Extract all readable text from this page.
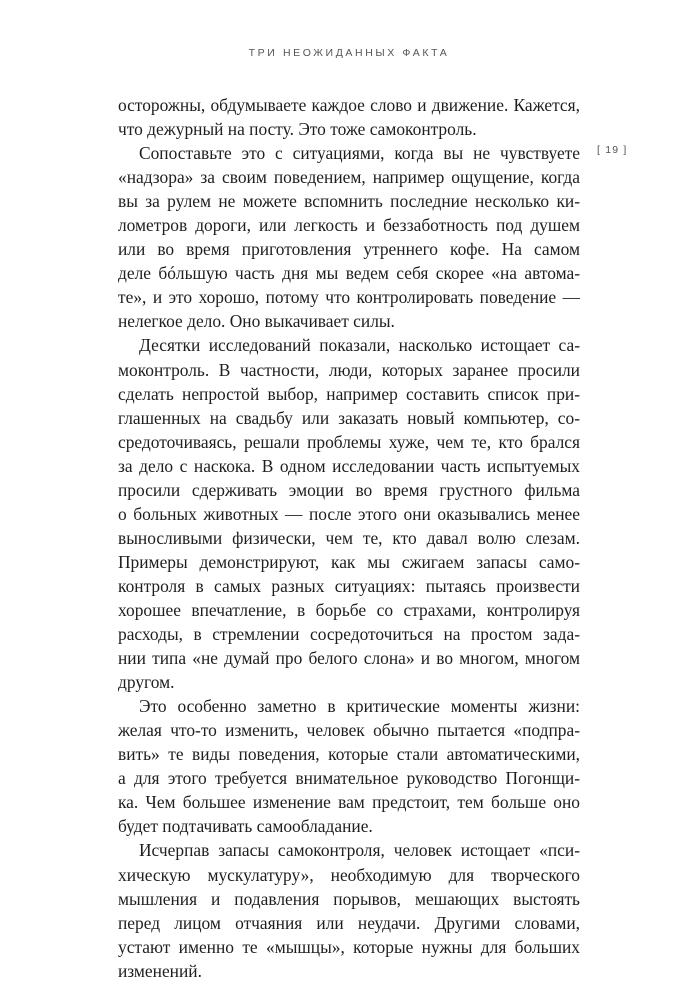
ТРИ НЕОЖИДАННЫХ ФАКТА
[ 19 ]
осторожны, обдумываете каждое слово и движение. Кажется,
что дежурный на посту. Это тоже самоконтроль.
Сопоставьте это с ситуациями, когда вы не чувствуете
«надзора» за своим поведением, например ощущение, когда
вы за рулем не можете вспомнить последние несколько ки-
лометров дороги, или легкость и беззаботность под душем
или во время приготовления утреннего кофе. На самом
деле бóльшую часть дня мы ведем себя скорее «на автома-
те», и это хорошо, потому что контролировать поведение —
нелегкое дело. Оно выкачивает силы.
Десятки исследований показали, насколько истощает са-
моконтроль. В частности, люди, которых заранее просили
сделать непростой выбор, например составить список при-
глашенных на свадьбу или заказать новый компьютер, со-
средоточиваясь, решали проблемы хуже, чем те, кто брался
за дело с наскока. В одном исследовании часть испытуемых
просили сдерживать эмоции во время грустного фильма
о больных животных — после этого они оказывались менее
выносливыми физически, чем те, кто давал волю слезам.
Примеры демонстрируют, как мы сжигаем запасы само-
контроля в самых разных ситуациях: пытаясь произвести
хорошее впечатление, в борьбе со страхами, контролируя
расходы, в стремлении сосредоточиться на простом зада-
нии типа «не думай про белого слона» и во многом, многом
другом.
Это особенно заметно в критические моменты жизни:
желая что-то изменить, человек обычно пытается «подпра-
вить» те виды поведения, которые стали автоматическими,
а для этого требуется внимательное руководство Погонщи-
ка. Чем большее изменение вам предстоит, тем больше оно
будет подтачивать самообладание.
Исчерпав запасы самоконтроля, человек истощает «пси-
хическую мускулатуру», необходимую для творческого
мышления и подавления порывов, мешающих выстоять
перед лицом отчаяния или неудачи. Другими словами,
устают именно те «мышцы», которые нужны для больших
изменений.
